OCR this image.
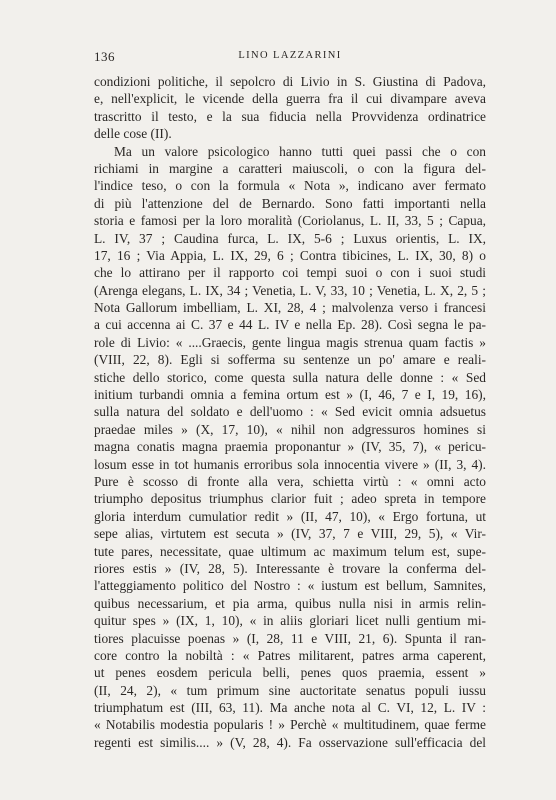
136	LINO LAZZARINI
condizioni politiche, il sepolcro di Livio in S. Giustina di Padova,
e, nell'explicit, le vicende della guerra fra il cui divampare aveva
trascritto il testo, e la sua fiducia nella Provvidenza ordinatrice
delle cose (II).
Ma un valore psicologico hanno tutti quei passi che o con
richiami in margine a caratteri maiuscoli, o con la figura del-
l'indice teso, o con la formula « Nota », indicano aver fermato
di più l'attenzione del de Bernardo. Sono fatti importanti nella
storia e famosi per la loro moralità (Coriolanus, L. II, 33, 5 ; Capua,
L. IV, 37 ; Caudina furca, L. IX, 5-6 ; Luxus orientis, L. IX,
17, 16 ; Via Appia, L. IX, 29, 6 ; Contra tibicines, L. IX, 30, 8) o
che lo attirano per il rapporto coi tempi suoi o con i suoi studi
(Arenga elegans, L. IX, 34 ; Venetia, L. V, 33, 10 ; Venetia, L. X, 2, 5 ;
Nota Gallorum imbelliam, L. XI, 28, 4 ; malvolenza verso i francesi
a cui accenna ai C. 37 e 44 L. IV e nella Ep. 28). Così segna le pa-
role di Livio: « ....Graecis, gente lingua magis strenua quam factis »
(VIII, 22, 8). Egli si sofferma su sentenze un po' amare e reali-
stiche dello storico, come questa sulla natura delle donne : « Sed
initium turbandi omnia a femina ortum est » (I, 46, 7 e I, 19, 16),
sulla natura del soldato e dell'uomo : « Sed evicit omnia adsuetus
praedae miles » (X, 17, 10), « nihil non adgressuros homines si
magna conatis magna praemia proponantur » (IV, 35, 7), « pericu-
losum esse in tot humanis erroribus sola innocentia vivere » (II, 3, 4).
Pure è scosso di fronte alla vera, schietta virtù : « omni acto
triumpho depositus triumphus clarior fuit ; adeo spreta in tempore
gloria interdum cumulatior redit » (II, 47, 10), « Ergo fortuna, ut
sepe alias, virtutem est secuta » (IV, 37, 7 e VIII, 29, 5), « Vir-
tute pares, necessitate, quae ultimum ac maximum telum est, supe-
riores estis » (IV, 28, 5). Interessante è trovare la conferma del-
l'atteggiamento politico del Nostro : « iustum est bellum, Samnites,
quibus necessarium, et pia arma, quibus nulla nisi in armis relin-
quitur spes » (IX, 1, 10), « in aliis gloriari licet nulli gentium mi-
tiores placuisse poenas » (I, 28, 11 e VIII, 21, 6). Spunta il ran-
core contro la nobiltà : « Patres militarent, patres arma caperent,
ut penes eosdem pericula belli, penes quos praemia, essent »
(II, 24, 2), « tum primum sine auctoritate senatus populi iussu
triumphatum est (III, 63, 11). Ma anche nota al C. VI, 12, L. IV :
« Notabilis modestia popularis ! » Perchè « multitudinem, quae ferme
regenti est similis.... » (V, 28, 4). Fa osservazione sull'efficacia del
